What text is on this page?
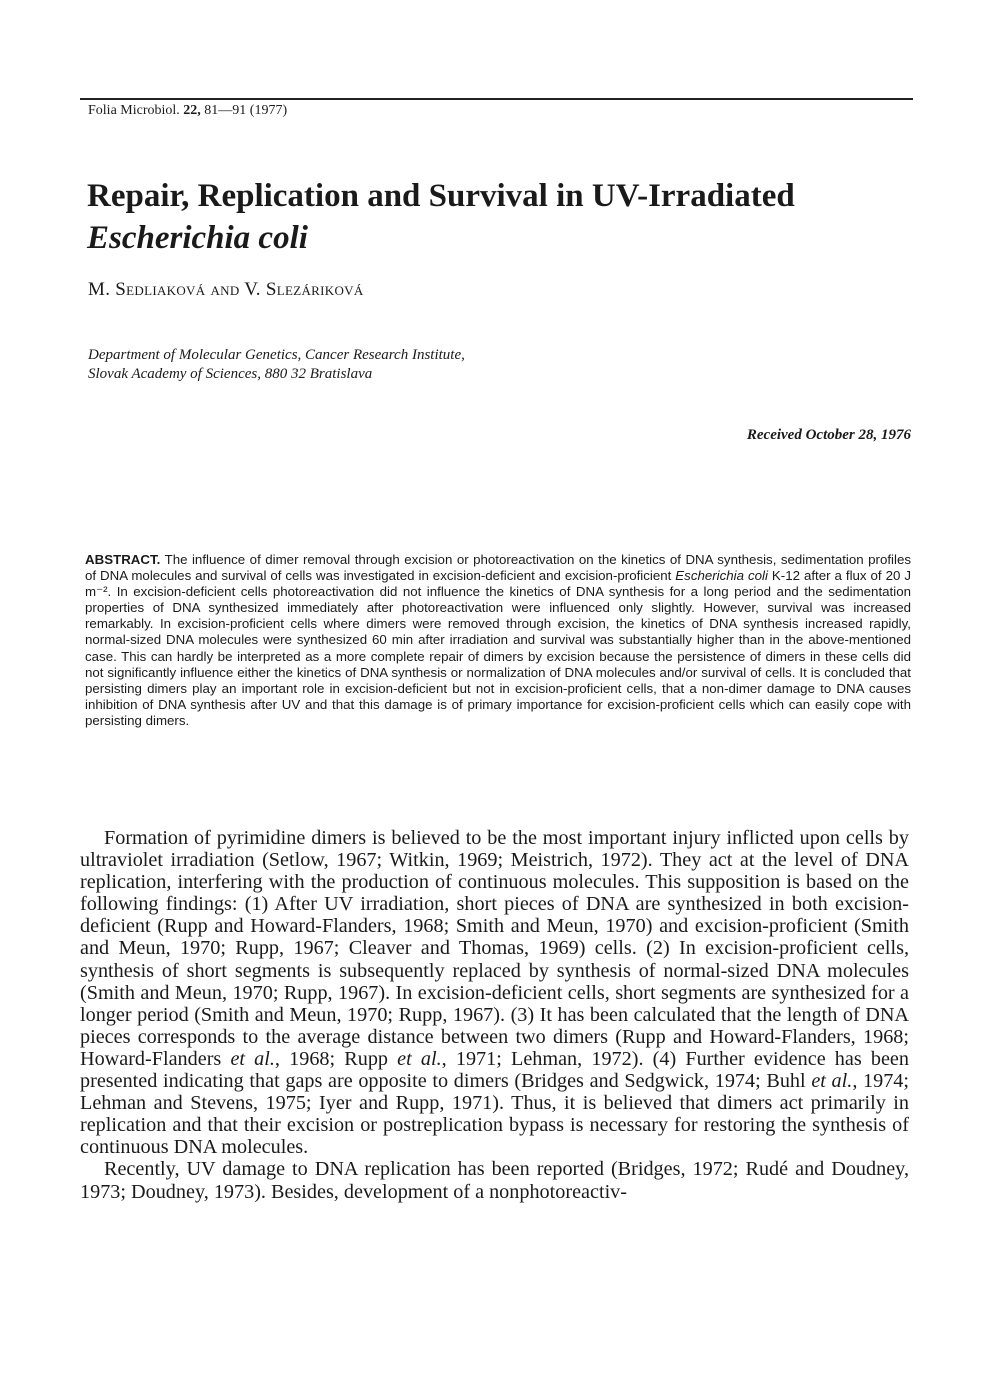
Folia Microbiol. 22, 81—91 (1977)
Repair, Replication and Survival in UV-Irradiated
Escherichia coli
M. Sedliaková and V. Slezáriková
Department of Molecular Genetics, Cancer Research Institute,
Slovak Academy of Sciences, 880 32 Bratislava
Received October 28, 1976

ABSTRACT. The influence of dimer removal through excision or photoreactivation on the kinetics of DNA synthesis, sedimentation profiles of DNA molecules and survival of cells was investigated in excision-deficient and excision-proficient Escherichia coli K-12 after a flux of 20 J m⁻². In excision-deficient cells photoreactivation did not influence the kinetics of DNA synthesis for a long period and the sedimentation properties of DNA synthesized immediately after photoreactivation were influenced only slightly. However, survival was increased remarkably. In excision-proficient cells where dimers were removed through excision, the kinetics of DNA synthesis increased rapidly, normal-sized DNA molecules were synthesized 60 min after irradiation and survival was substantially higher than in the above-mentioned case. This can hardly be interpreted as a more complete repair of dimers by excision because the persistence of dimers in these cells did not significantly influence either the kinetics of DNA synthesis or normalization of DNA molecules and/or survival of cells. It is concluded that persisting dimers play an important role in excision-deficient but not in excision-proficient cells, that a non-dimer damage to DNA causes inhibition of DNA synthesis after UV and that this damage is of primary importance for excision-proficient cells which can easily cope with persisting dimers.

Formation of pyrimidine dimers is believed to be the most important injury inflicted upon cells by ultraviolet irradiation (Setlow, 1967; Witkin, 1969; Meistrich, 1972). They act at the level of DNA replication, interfering with the production of continuous molecules. This supposition is based on the following findings: (1) After UV irradiation, short pieces of DNA are synthesized in both excision-deficient (Rupp and Howard-Flanders, 1968; Smith and Meun, 1970) and excision-proficient (Smith and Meun, 1970; Rupp, 1967; Cleaver and Thomas, 1969) cells. (2) In excision-proficient cells, synthesis of short segments is subsequently replaced by synthesis of normal-sized DNA molecules (Smith and Meun, 1970; Rupp, 1967). In excision-deficient cells, short segments are synthesized for a longer period (Smith and Meun, 1970; Rupp, 1967). (3) It has been calculated that the length of DNA pieces corresponds to the average distance between two dimers (Rupp and Howard-Flanders, 1968; Howard-Flanders et al., 1968; Rupp et al., 1971; Lehman, 1972). (4) Further evidence has been presented indicating that gaps are opposite to dimers (Bridges and Sedgwick, 1974; Buhl et al., 1974; Lehman and Stevens, 1975; Iyer and Rupp, 1971). Thus, it is believed that dimers act primarily in replication and that their excision or postreplication bypass is necessary for restoring the synthesis of continuous DNA molecules.

Recently, UV damage to DNA replication has been reported (Bridges, 1972; Rudé and Doudney, 1973; Doudney, 1973). Besides, development of a nonphotoreactiv-
